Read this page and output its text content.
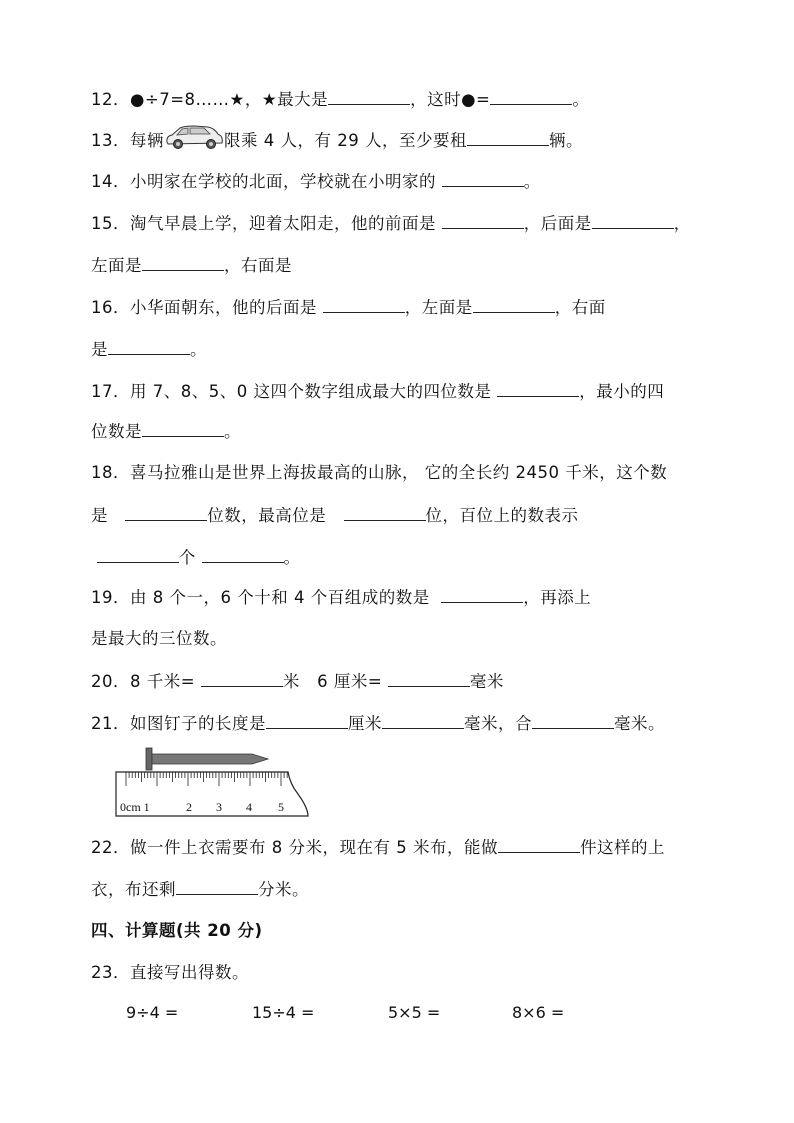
12．●÷7=8……★，★最大是	，这时●=	。
13．每辆	限乘 4 人，有 29 人，至少要租	辆。
14．小明家在学校的北面，学校就在小明家的	。
15．淘气早晨上学，迎着太阳走，他的前面是	，后面是	，
左面是	，右面是
16．小华面朝东，他的后面是	，左面是	，右面
是	。
17．用 7、8、5、0 这四个数字组成最大的四位数是	，最小的四
位数是	。
18．喜马拉雅山是世界上海拔最高的山脉， 它的全长约 2450 千米，这个数
是	位数，最高位是	位，百位上的数表示
个	。
19．由 8 个一，6 个十和 4 个百组成的数是	，再添上
是最大的三位数。
20．8 千米=	米 6 厘米=	毫米
21．如图钉子的长度是	厘米	毫米，合	毫米。
0cm 1	2 3 4 5
22．做一件上衣需要布 8 分米，现在有 5 米布，能做	件这样的上
衣，布还剩	分米。
四、计算题(共 20 分)
23．直接写出得数。
9÷4 =	15÷4 =	5×5 =	8×6 =
